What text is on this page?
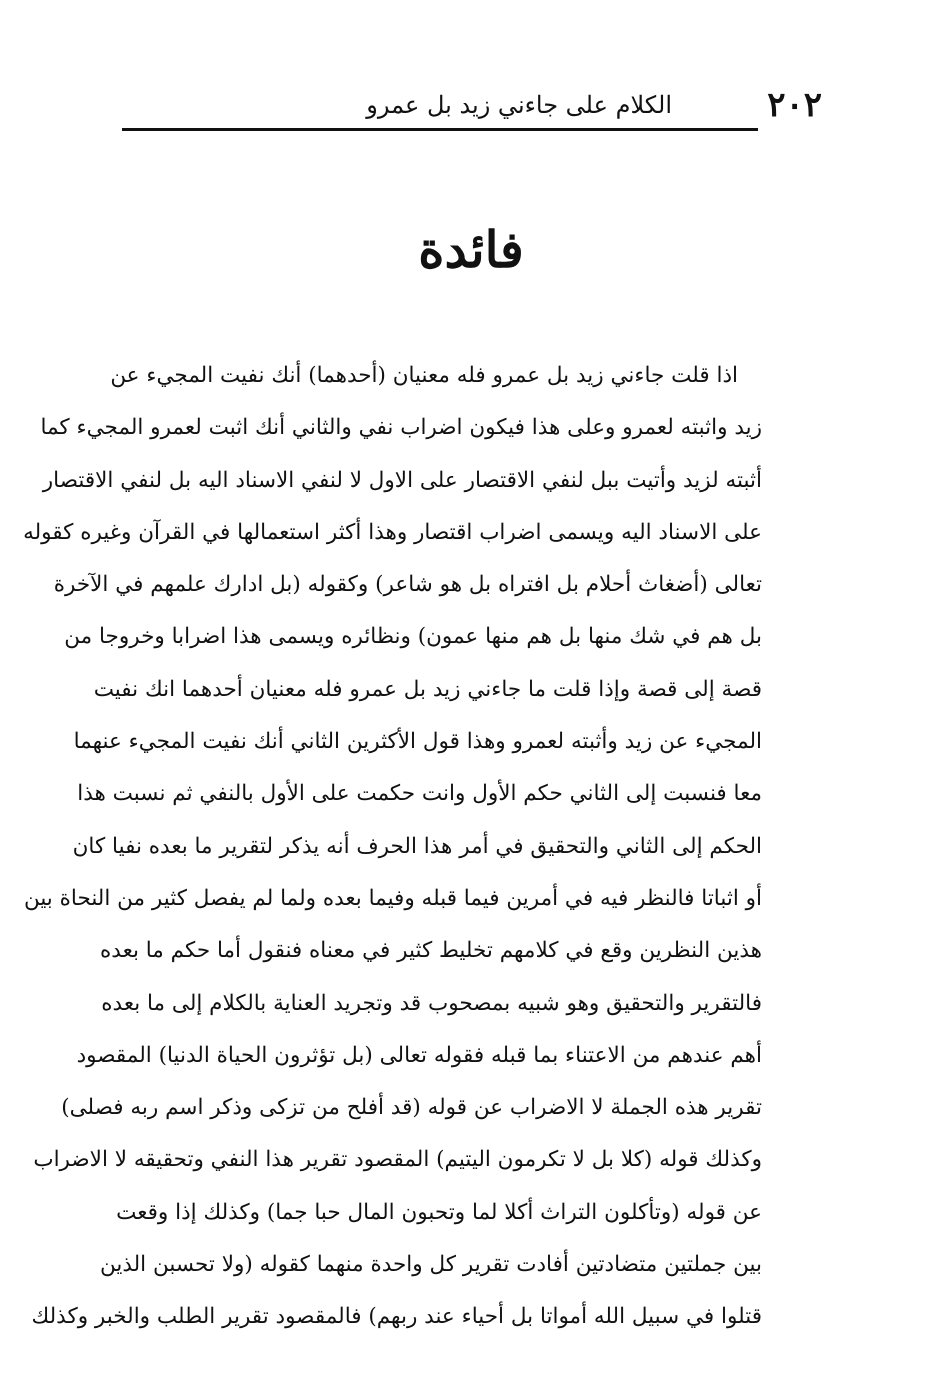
٢٠٢
الكلام على جاءني زيد بل عمرو
فائدة
اذا قلت جاءني زيد بل عمرو فله معنيان (أحدهما) أنك نفيت المجيء عن
زيد واثبته لعمرو وعلى هذا فيكون اضراب نفي والثاني أنك اثبت لعمرو المجيء كما
أثبته لزيد وأتيت ببل لنفي الاقتصار على الاول لا لنفي الاسناد اليه بل لنفي الاقتصار
على الاسناد اليه ويسمى اضراب اقتصار وهذا أكثر استعمالها في القرآن وغيره كقوله
تعالى (أضغاث أحلام بل افتراه بل هو شاعر) وكقوله (بل ادارك علمهم في الآخرة
بل هم في شك منها بل هم منها عمون) ونظائره ويسمى هذا اضرابا وخروجا من
قصة إلى قصة وإذا قلت ما جاءني زيد بل عمرو فله معنيان أحدهما انك نفيت
المجيء عن زيد وأثبته لعمرو وهذا قول الأكثرين الثاني أنك نفيت المجيء عنهما
معا فنسبت إلى الثاني حكم الأول وانت حكمت على الأول بالنفي ثم نسبت هذا
الحكم إلى الثاني والتحقيق في أمر هذا الحرف أنه يذكر لتقرير ما بعده نفيا كان
أو اثباتا فالنظر فيه في أمرين فيما قبله وفيما بعده ولما لم يفصل كثير من النحاة بين
هذين النظرين وقع في كلامهم تخليط كثير في معناه فنقول أما حكم ما بعده
فالتقرير والتحقيق وهو شبيه بمصحوب قد وتجريد العناية بالكلام إلى ما بعده
أهم عندهم من الاعتناء بما قبله فقوله تعالى (بل تؤثرون الحياة الدنيا) المقصود
تقرير هذه الجملة لا الاضراب عن قوله (قد أفلح من تزكى وذكر اسم ربه فصلى)
وكذلك قوله (كلا بل لا تكرمون اليتيم) المقصود تقرير هذا النفي وتحقيقه لا الاضراب
عن قوله (وتأكلون التراث أكلا لما وتحبون المال حبا جما) وكذلك إذا وقعت
بين جملتين متضادتين أفادت تقرير كل واحدة منهما كقوله (ولا تحسبن الذين
قتلوا في سبيل الله أمواتا بل أحياء عند ربهم) فالمقصود تقرير الطلب والخبر وكذلك
